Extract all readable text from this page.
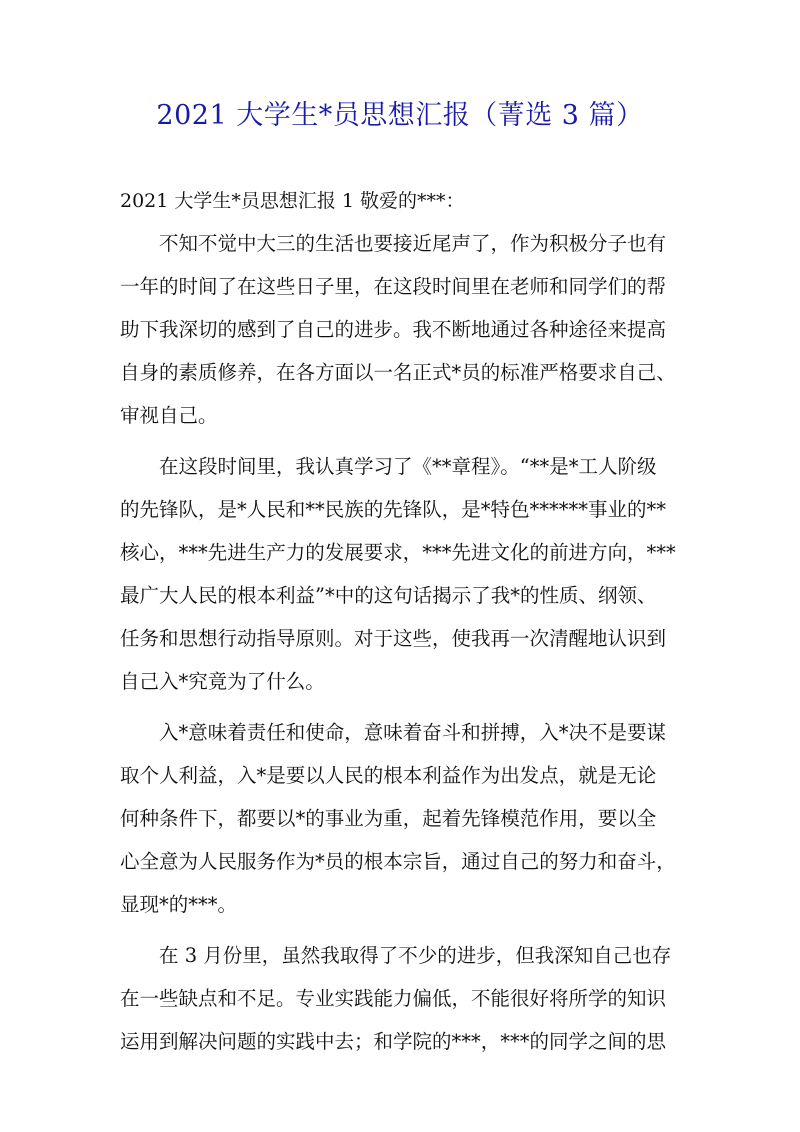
2021 大学生*员思想汇报（菁选 3 篇）

2021 大学生*员思想汇报 1 敬爱的***：

不知不觉中大三的生活也要接近尾声了，作为积极分子也有
一年的时间了在这些日子里，在这段时间里在老师和同学们的帮
助下我深切的感到了自己的进步。我不断地通过各种途径来提高
自身的素质修养，在各方面以一名正式*员的标准严格要求自己、
审视自己。
在这段时间里，我认真学习了《**章程》。“**是*工人阶级
的先锋队，是*人民和**民族的先锋队，是*特色******事业的**
核心，***先进生产力的发展要求，***先进文化的前进方向，***
最广大人民的根本利益”*中的这句话揭示了我*的性质、纲领、
任务和思想行动指导原则。对于这些，使我再一次清醒地认识到
自己入*究竟为了什么。
入*意味着责任和使命，意味着奋斗和拼搏，入*决不是要谋
取个人利益，入*是要以人民的根本利益作为出发点，就是无论
何种条件下，都要以*的事业为重，起着先锋模范作用，要以全
心全意为人民服务作为*员的根本宗旨，通过自己的努力和奋斗，
显现*的***。
在 3 月份里，虽然我取得了不少的进步，但我深知自己也存
在一些缺点和不足。专业实践能力偏低，不能很好将所学的知识
运用到解决问题的实践中去；和学院的***，***的同学之间的思
